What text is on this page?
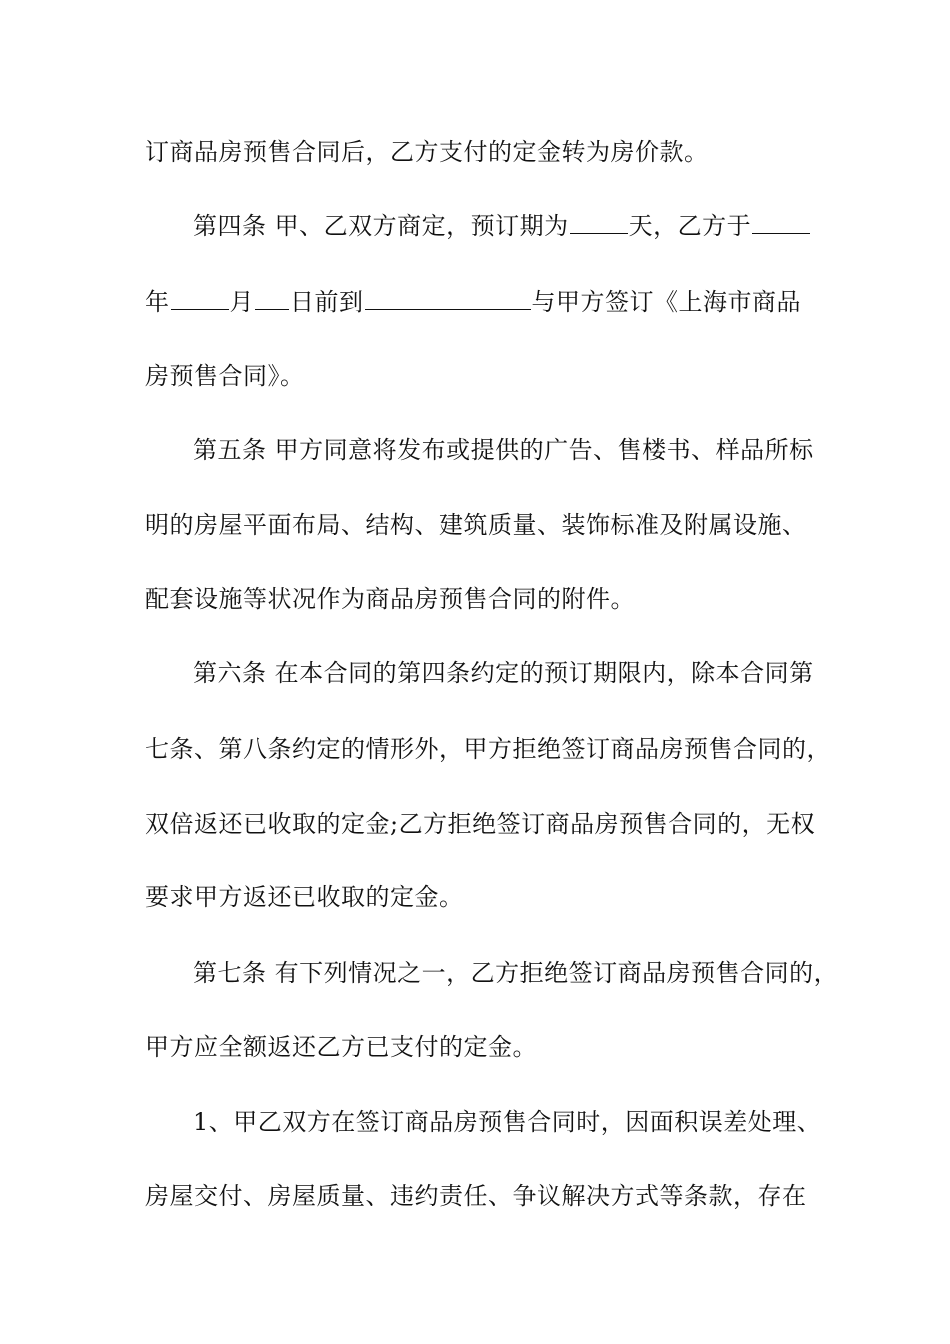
订商品房预售合同后，乙方支付的定金转为房价款。
第四条 甲、乙双方商定，预订期为	天，乙方于
年	月 日前到	与甲方签订《上海市商品
房预售合同》。
第五条 甲方同意将发布或提供的广告、售楼书、样品所标
明的房屋平面布局、结构、建筑质量、装饰标准及附属设施、
配套设施等状况作为商品房预售合同的附件。
第六条 在本合同的第四条约定的预订期限内，除本合同第
七条、第八条约定的情形外，甲方拒绝签订商品房预售合同的，
双倍返还已收取的定金;乙方拒绝签订商品房预售合同的，无权
要求甲方返还已收取的定金。
第七条 有下列情况之一，乙方拒绝签订商品房预售合同的，
甲方应全额返还乙方已支付的定金。
1、甲乙双方在签订商品房预售合同时，因面积误差处理、
房屋交付、房屋质量、违约责任、争议解决方式等条款，存在
